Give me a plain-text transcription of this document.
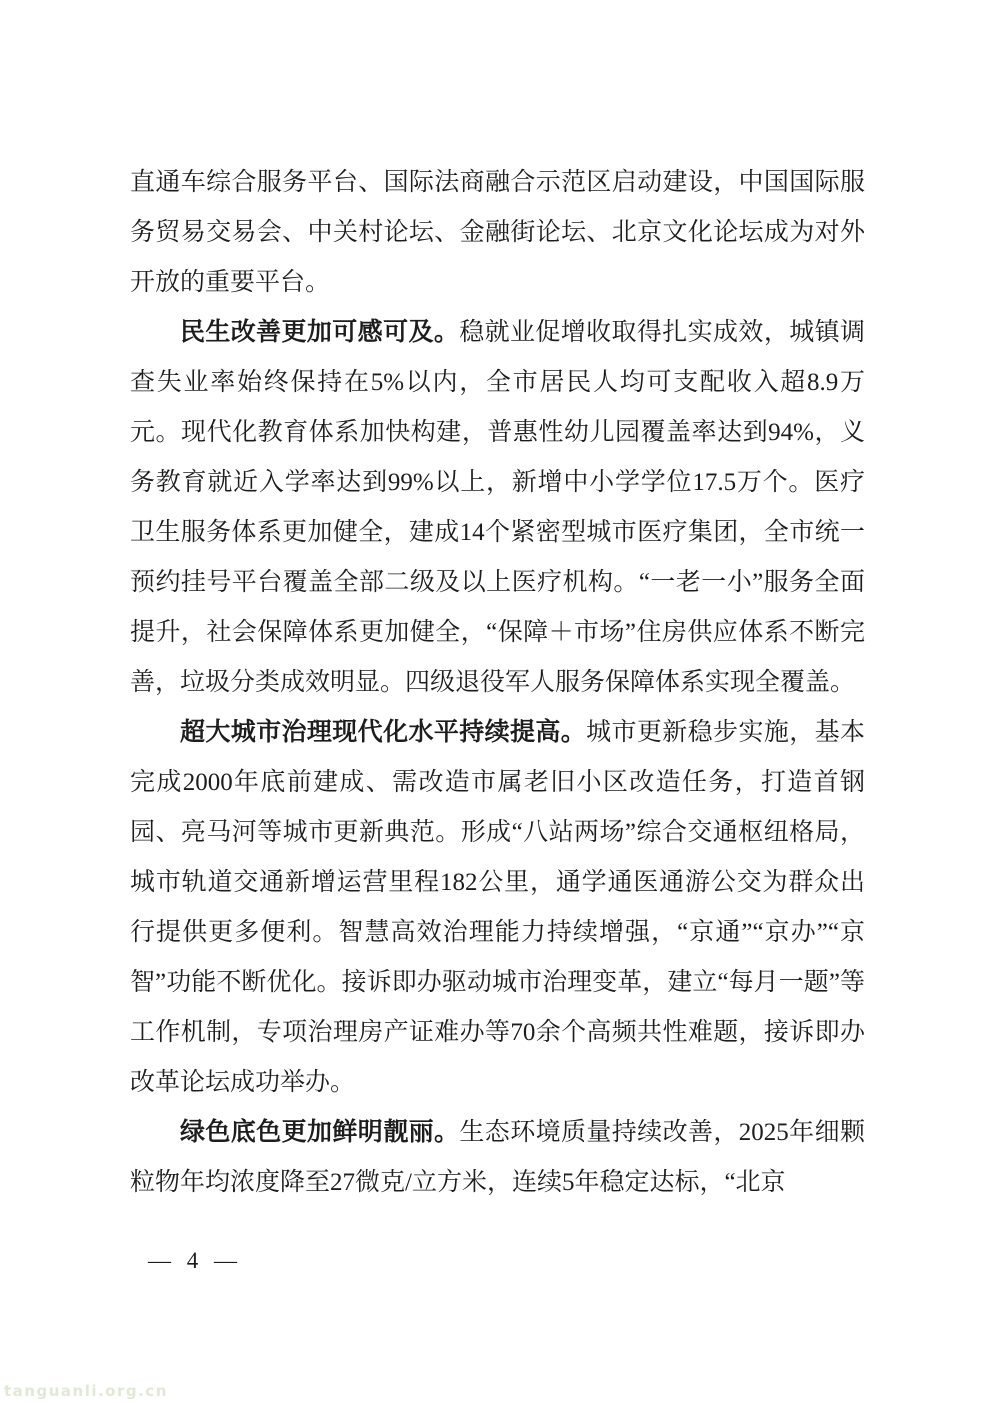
直通车综合服务平台、国际法商融合示范区启动建设，中国国际服务贸易交易会、中关村论坛、金融街论坛、北京文化论坛成为对外开放的重要平台。

民生改善更加可感可及。稳就业促增收取得扎实成效，城镇调查失业率始终保持在5%以内，全市居民人均可支配收入超8.9万元。现代化教育体系加快构建，普惠性幼儿园覆盖率达到94%，义务教育就近入学率达到99%以上，新增中小学学位17.5万个。医疗卫生服务体系更加健全，建成14个紧密型城市医疗集团，全市统一预约挂号平台覆盖全部二级及以上医疗机构。“一老一小”服务全面提升，社会保障体系更加健全，“保障＋市场”住房供应体系不断完善，垃圾分类成效明显。四级退役军人服务保障体系实现全覆盖。

超大城市治理现代化水平持续提高。城市更新稳步实施，基本完成2000年底前建成、需改造市属老旧小区改造任务，打造首钢园、亮马河等城市更新典范。形成“八站两场”综合交通枢纽格局，城市轨道交通新增运营里程182公里，通学通医通游公交为群众出行提供更多便利。智慧高效治理能力持续增强，“京通”“京办”“京智”功能不断优化。接诉即办驱动城市治理变革，建立“每月一题”等工作机制，专项治理房产证难办等70余个高频共性难题，接诉即办改革论坛成功举办。

绿色底色更加鲜明靓丽。生态环境质量持续改善，2025年细颗粒物年均浓度降至27微克/立方米，连续5年稳定达标，“北京

— 4 —
tanguanli.org.cn
